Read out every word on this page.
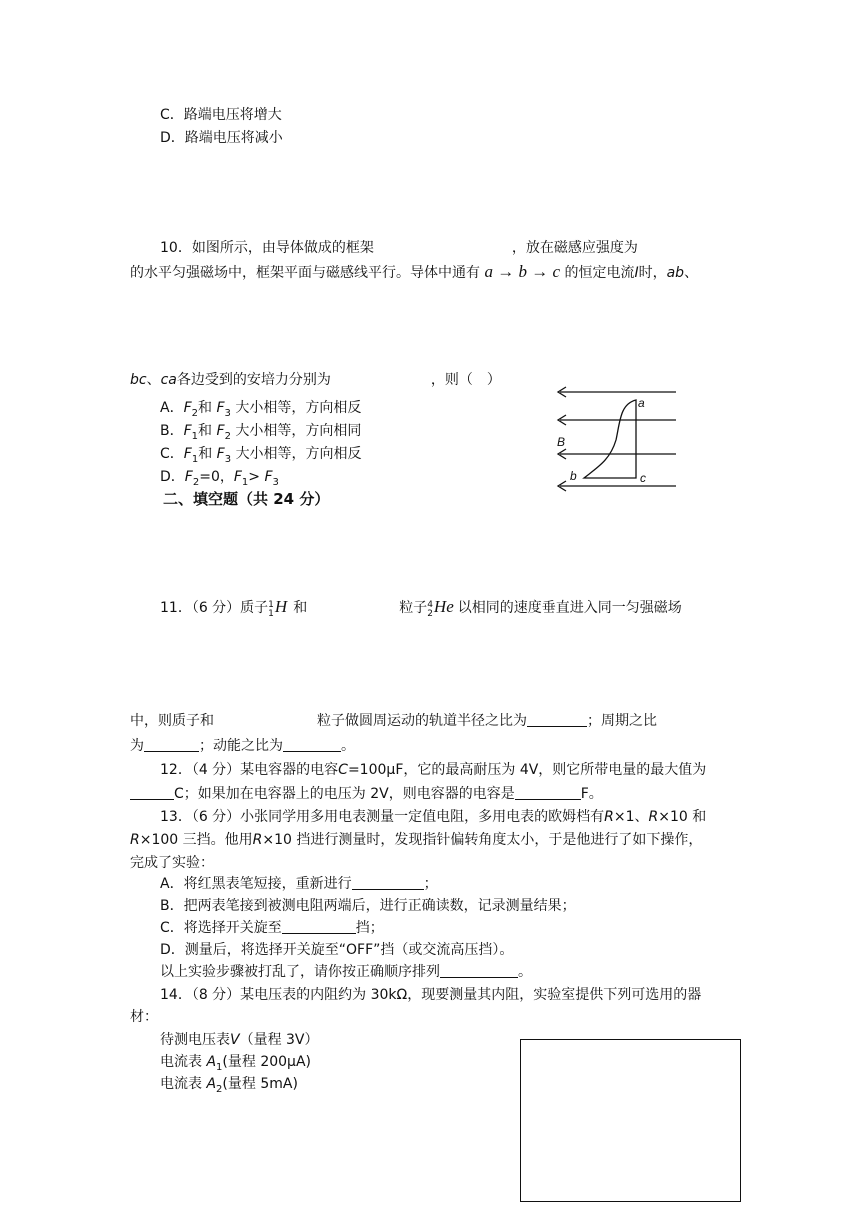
C．路端电压将增大
D．路端电压将减小
10．如图所示，由导体做成的框架	，放在磁感应强度为
的水平匀强磁场中，框架平面与磁感线平行。导体中通有 a → b → c 的恒定电流I时，ab、
bc、ca各边受到的安培力分别为	，则（　）
A．$F_2$和 $F_3$ 大小相等，方向相反
B．$F_1$和 $F_2$ 大小相等，方向相同
C．$F_1$和 $F_3$ 大小相等，方向相反
D．$F_2=0$，$F_1> F_3$
B
a
b	c
二、填空题（共 24 分）
11．（6 分）质子1
1H 和	粒子4
2He 以相同的速度垂直进入同一匀强磁场
中，则质子和	粒子做圆周运动的轨道半径之比为	；周期之比
为	；动能之比为	。
12．（4 分）某电容器的电容C=100μF，它的最高耐压为 4V，则它所带电量的最大值为
C；如果加在电容器上的电压为 2V，则电容器的电容是	F。
13．（6 分）小张同学用多用电表测量一定值电阻，多用电表的欧姆档有R×1、R×10 和
R×100 三挡。他用R×10 挡进行测量时，发现指针偏转角度太小，于是他进行了如下操作，
完成了实验：
A．将红黑表笔短接，重新进行	；
B．把两表笔接到被测电阻两端后，进行正确读数，记录测量结果；
C．将选择开关旋至	挡；
D．测量后，将选择开关旋至“OFF”挡（或交流高压挡）。
以上实验步骤被打乱了，请你按正确顺序排列	。
14．（8 分）某电压表的内阻约为 30kΩ，现要测量其内阻，实验室提供下列可选用的器
材：
待测电压表V（量程 3V）
电流表 $A_1$(量程 200μA)
电流表 $A_2$(量程 5mA)
